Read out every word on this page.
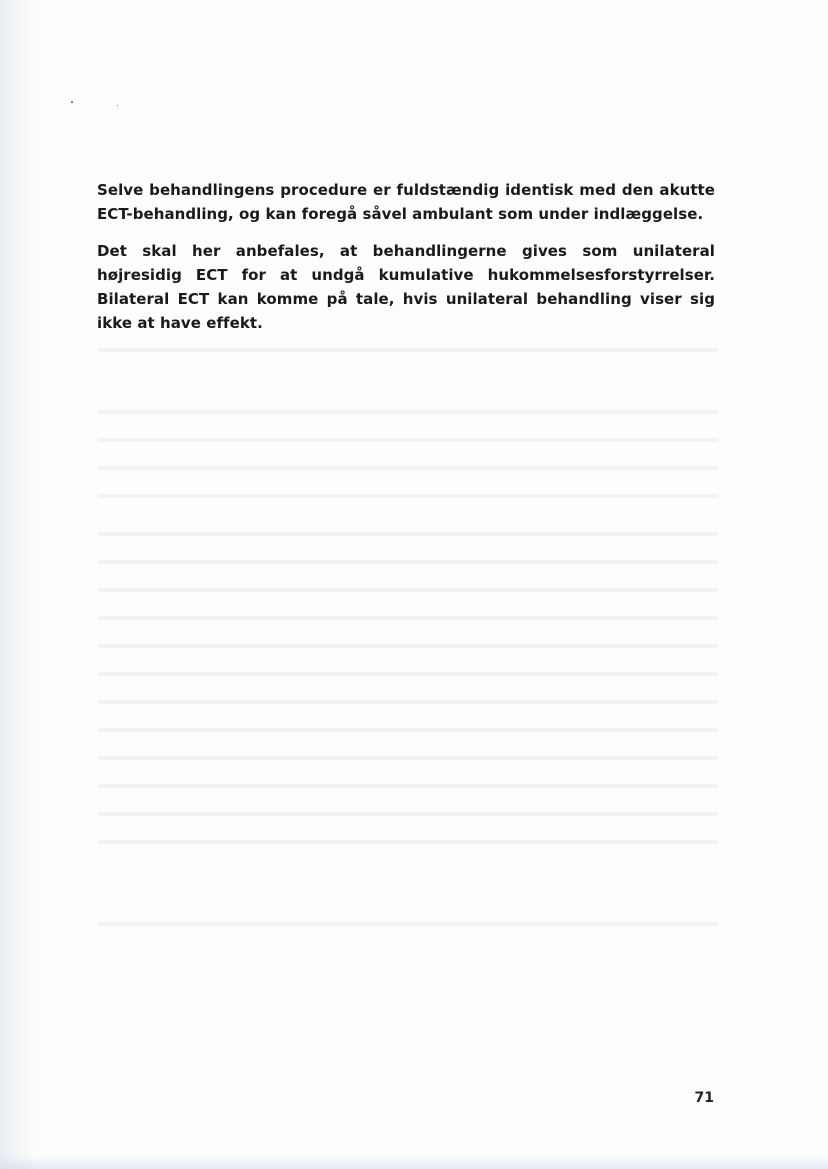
Selve behandlingens procedure er fuldstændig identisk med den akutte ECT-behandling, og kan foregå såvel ambulant som under indlæggelse.

Det skal her anbefales, at behandlingerne gives som unilateral højresidig ECT for at undgå kumulative hukommelsesforstyrrelser. Bilateral ECT kan komme på tale, hvis unilateral behandling viser sig ikke at have effekt.

71
